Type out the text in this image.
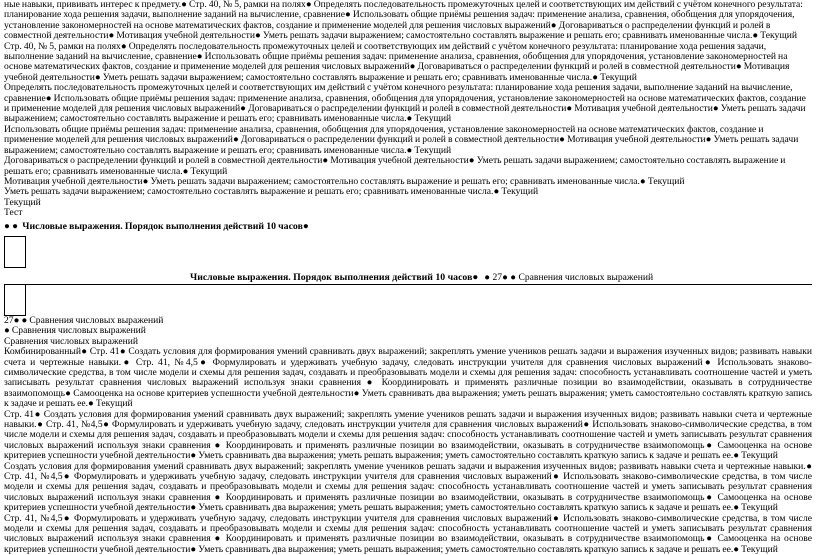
ные навыки, прививать интерес к предмету.● Стр. 40, № 5, рамки на полях● Определять последовательность промежуточных целей и соответствующих им действий с учётом конечного результата: планирование хода решения задачи, выполнение заданий на вычисление, сравнение● Использовать общие приёмы решения задач: применение анализа, сравнения, обобщения для упорядочения, установление закономерностей на основе математических фактов, создание и применение моделей для решения числовых выражений● Договариваться о распределении функций и ролей в совместной деятельности● Мотивация учебной деятельности● Уметь решать задачи выражением; самостоятельно составлять выражение и решать его; сравнивать именованные числа.● Текущий

Стр. 40, № 5, рамки на полях● Определять последовательность промежуточных целей и соответствующих им действий с учётом конечного результата: планирование хода решения задачи, выполнение заданий на вычисление, сравнение● Использовать общие приёмы решения задач: применение анализа, сравнения, обобщения для упорядочения, установление закономерностей на основе математических фактов, создание и применение моделей для решения числовых выражений● Договариваться о распределении функций и ролей в совместной деятельности● Мотивация учебной деятельности● Уметь решать задачи выражением; самостоятельно составлять выражение и решать его; сравнивать именованные числа.● Текущий

Определять последовательность промежуточных целей и соответствующих им действий с учётом конечного результата: планирование хода решения задачи, выполнение заданий на вычисление, сравнение● Использовать общие приёмы решения задач: применение анализа, сравнения, обобщения для упорядочения, установление закономерностей на основе математических фактов, создание и применение моделей для решения числовых выражений● Договариваться о распределении функций и ролей в совместной деятельности● Мотивация учебной деятельности● Уметь решать задачи выражением; самостоятельно составлять выражение и решать его; сравнивать именованные числа.● Текущий

Использовать общие приёмы решения задач: применение анализа, сравнения, обобщения для упорядочения, установление закономерностей на основе математических фактов, создание и применение моделей для решения числовых выражений● Договариваться о распределении функций и ролей в совместной деятельности● Мотивация учебной деятельности● Уметь решать задачи выражением; самостоятельно составлять выражение и решать его; сравнивать именованные числа.● Текущий

Договариваться о распределении функций и ролей в совместной деятельности● Мотивация учебной деятельности● Уметь решать задачи выражением; самостоятельно составлять выражение и решать его; сравнивать именованные числа.● Текущий

Мотивация учебной деятельности● Уметь решать задачи выражением; самостоятельно составлять выражение и решать его; сравнивать именованные числа.● Текущий

Уметь решать задачи выражением; самостоятельно составлять выражение и решать его; сравнивать именованные числа.● Текущий

Текущий

Тест

● ● Числовые выражения. Порядок выполнения действий 10 часов●

Числовые выражения. Порядок выполнения действий 10 часов● ● 27● ● Сравнения числовых выражений

27● ● Сравнения числовых выражений

● Сравнения числовых выражений

Сравнения числовых выражений

Комбинированный● Стр. 41● Создать условия для формирования умений сравнивать двух выражений; закреплять умение учеников решать задачи и выражения изученных видов; развивать навыки счета и чертежные навыки.● Стр. 41, №4,5● Формулировать и удерживать учебную задачу, следовать инструкции учителя для сравнения числовых выражений● Использовать знаково-символические средства, в том числе модели и схемы для решения задач, создавать и преобразовывать модели и схемы для решения задач: способность устанавливать соотношение частей и уметь записывать результат сравнения числовых выражений используя знаки сравнения ● Координировать и применять различные позиции во взаимодействии, оказывать в сотрудничестве взаимопомощь● Самооценка на основе критериев успешности учебной деятельности● Уметь сравнивать два выражения; уметь решать выражения; уметь самостоятельно составлять краткую запись к задаче и решать ее.● Текущий

Стр. 41● Создать условия для формирования умений сравнивать двух выражений; закреплять умение учеников решать задачи и выражения изученных видов; развивать навыки счета и чертежные навыки.● Стр. 41, №4,5● Формулировать и удерживать учебную задачу, следовать инструкции учителя для сравнения числовых выражений● Использовать знаково-символические средства, в том числе модели и схемы для решения задач, создавать и преобразовывать модели и схемы для решения задач: способность устанавливать соотношение частей и уметь записывать результат сравнения числовых выражений используя знаки сравнения ● Координировать и применять различные позиции во взаимодействии, оказывать в сотрудничестве взаимопомощь● Самооценка на основе критериев успешности учебной деятельности● Уметь сравнивать два выражения; уметь решать выражения; уметь самостоятельно составлять краткую запись к задаче и решать ее.● Текущий

Создать условия для формирования умений сравнивать двух выражений; закреплять умение учеников решать задачи и выражения изученных видов; развивать навыки счета и чертежные навыки.● Стр. 41, №4,5● Формулировать и удерживать учебную задачу, следовать инструкции учителя для сравнения числовых выражений● Использовать знаково-символические средства, в том числе модели и схемы для решения задач, создавать и преобразовывать модели и схемы для решения задач: способность устанавливать соотношение частей и уметь записывать результат сравнения числовых выражений используя знаки сравнения ● Координировать и применять различные позиции во взаимодействии, оказывать в сотрудничестве взаимопомощь● Самооценка на основе критериев успешности учебной деятельности● Уметь сравнивать два выражения; уметь решать выражения; уметь самостоятельно составлять краткую запись к задаче и решать ее.● Текущий

Стр. 41, №4,5● Формулировать и удерживать учебную задачу, следовать инструкции учителя для сравнения числовых выражений● Использовать знаково-символические средства, в том числе модели и схемы для решения задач, создавать и преобразовывать модели и схемы для решения задач: способность устанавливать соотношение частей и уметь записывать результат сравнения числовых выражений используя знаки сравнения ● Координировать и применять различные позиции во взаимодействии, оказывать в сотрудничестве взаимопомощь● Самооценка на основе критериев успешности учебной деятельности● Уметь сравнивать два выражения; уметь решать выражения; уметь самостоятельно составлять краткую запись к задаче и решать ее.● Текущий
